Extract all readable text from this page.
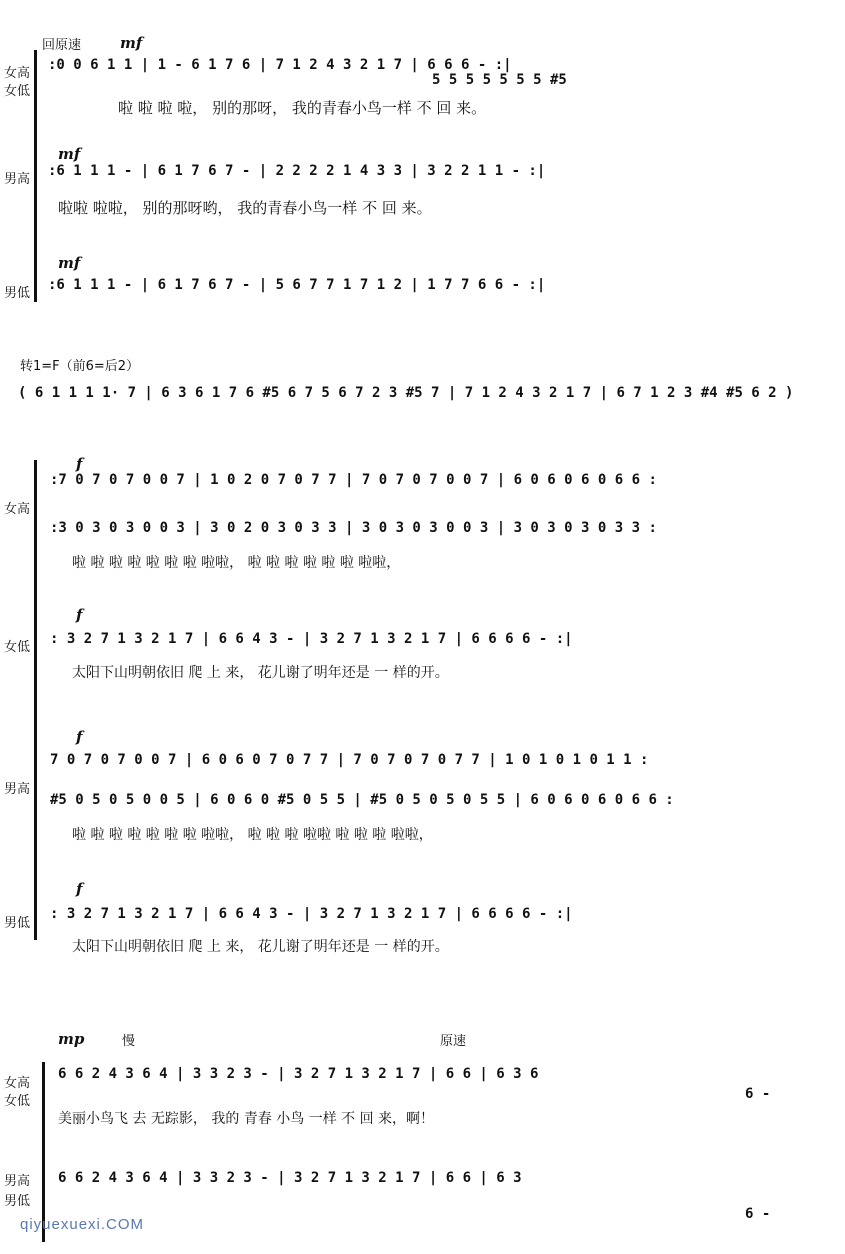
回原速	mf
女高
女低
:0 0 6 1 1 | 1 - 6 1 7 6 | 7 1 2 4 3 2 1 7 | 6 6 6 - :|
5 5 5 5 5 5 5 #5
啦 啦 啦 啦， 别的那呀， 我的青春小鸟一样 不 回 来。
mf
男高
:6 1 1 1 - | 6 1 7 6 7 - | 2 2 2 2 1 4 3 3 | 3 2 2 1 1 - :|
啦啦 啦啦， 别的那呀哟， 我的青春小鸟一样 不 回 来。
mf
男低
:6 1 1 1 - | 6 1 7 6 7 - | 5 6 7 7 1 7 1 2 | 1 7 7 6 6 - :|
转1=F（前6=后2）
( 6 1 1 1 1· 7 | 6 3 6 1 7 6 #5 6 7 5 6 7 2 3 #5 7 | 7 1 2 4 3 2 1 7 | 6 7 1 2 3 #4 #5 6 2 )
f
女高
:7 0 7 0 7 0 0 7 | 1 0 2 0 7 0 7 7 | 7 0 7 0 7 0 0 7 | 6 0 6 0 6 0 6 6 :
:3 0 3 0 3 0 0 3 | 3 0 2 0 3 0 3 3 | 3 0 3 0 3 0 0 3 | 3 0 3 0 3 0 3 3 :
啦 啦 啦 啦 啦 啦 啦 啦啦， 啦 啦 啦 啦 啦 啦 啦啦，
f
女低
: 3 2 7 1 3 2 1 7 | 6 6 4 3 - | 3 2 7 1 3 2 1 7 | 6 6 6 6 - :|
太阳下山明朝依旧 爬 上 来， 花儿谢了明年还是 一 样的开。
f
男高
7 0 7 0 7 0 0 7 | 6 0 6 0 7 0 7 7 | 7 0 7 0 7 0 7 7 | 1 0 1 0 1 0 1 1 :
#5 0 5 0 5 0 0 5 | 6 0 6 0 #5 0 5 5 | #5 0 5 0 5 0 5 5 | 6 0 6 0 6 0 6 6 :
啦 啦 啦 啦 啦 啦 啦 啦啦， 啦 啦 啦 啦啦 啦 啦 啦 啦啦，
f
男低
: 3 2 7 1 3 2 1 7 | 6 6 4 3 - | 3 2 7 1 3 2 1 7 | 6 6 6 6 - :|
太阳下山明朝依旧 爬 上 来， 花儿谢了明年还是 一 样的开。
mp	慢	原速
女高
女低
6 6 2 4 3 6 4 | 3 3 2 3 - | 3 2 7 1 3 2 1 7 | 6 6 | 6 3 6
6 -
美丽小鸟飞 去 无踪影， 我的 青春 小鸟 一样 不 回 来，啊！
男高
男低
6 6 2 4 3 6 4 | 3 3 2 3 - | 3 2 7 1 3 2 1 7 | 6 6 | 6 3
6 -
qiyuexuexi.COM
